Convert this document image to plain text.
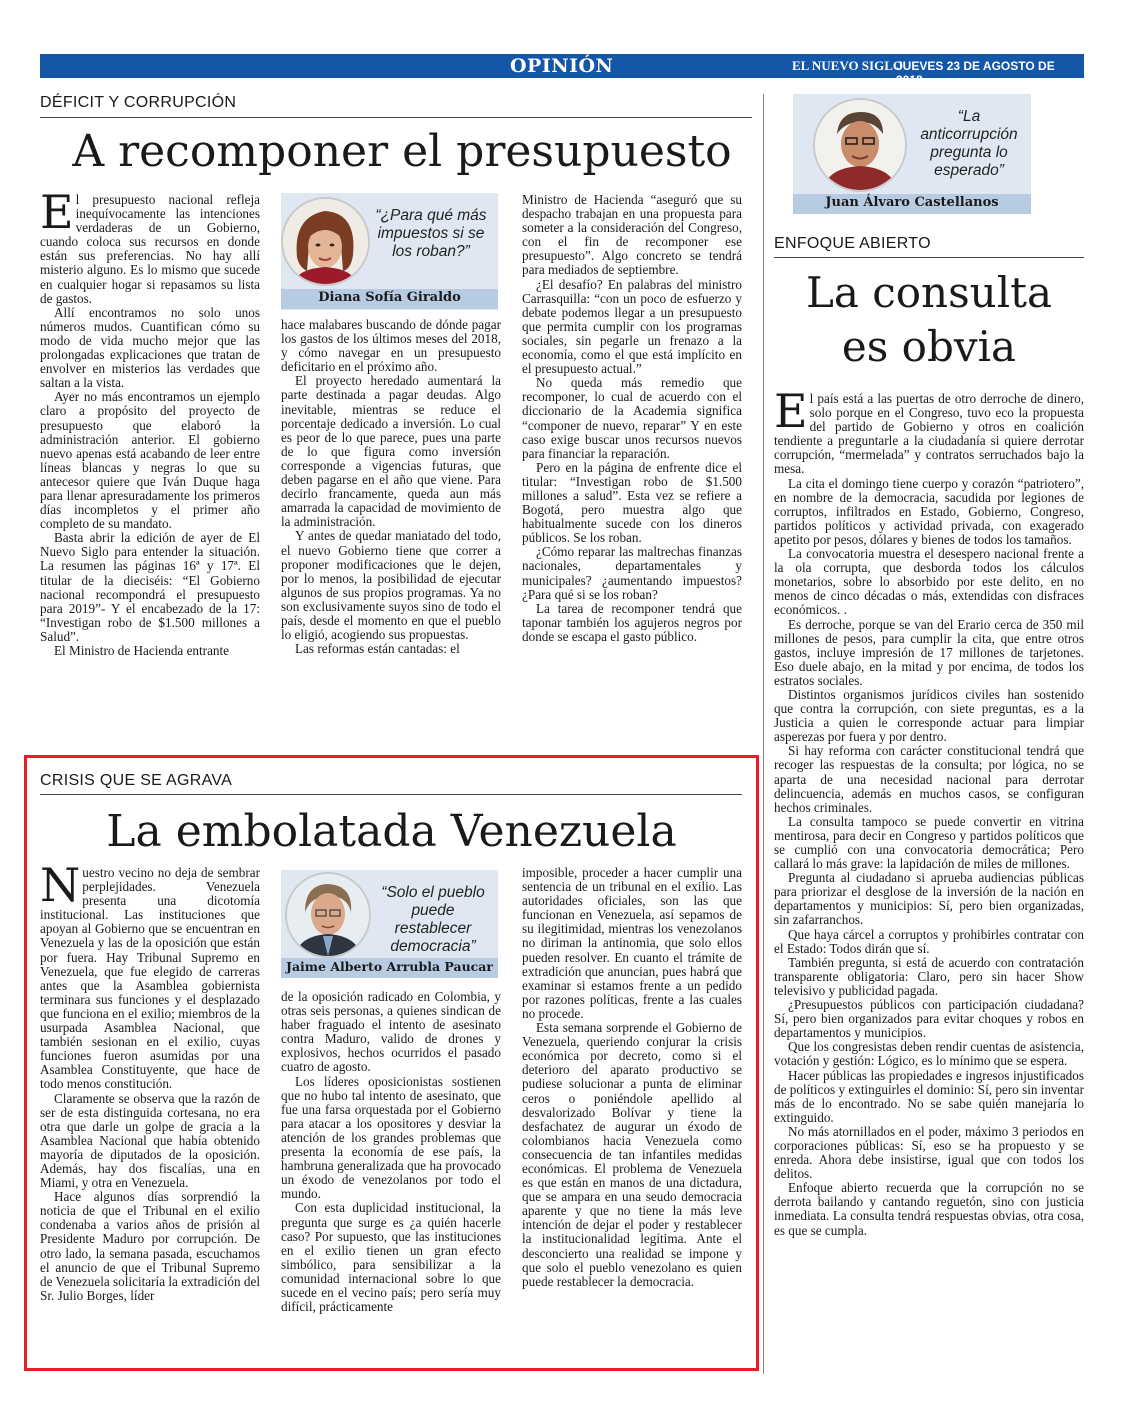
OPINIÓN	EL NUEVO SIGLO
JUEVES 23 DE AGOSTO DE 2018
9A
DÉFICIT Y CORRUPCIÓN
A recomponer el presupuesto
E l presupuesto nacional refleja inequívocamente las intenciones verdaderas de un Gobierno, cuando coloca sus recursos en donde están sus preferencias. No hay allí misterio alguno. Es lo mismo que sucede en cualquier hogar si repasamos su lista de gastos.

Allí encontramos no solo unos números mudos. Cuantifican cómo su modo de vida mucho mejor que las prolongadas explicaciones que tratan de envolver en misterios las verdades que saltan a la vista.

Ayer no más encontramos un ejemplo claro a propósito del proyecto de presupuesto que elaboró la administración anterior. El gobierno nuevo apenas está acabando de leer entre líneas blancas y negras lo que su antecesor quiere que Iván Duque haga para llenar apresuradamente los primeros días incompletos y el primer año completo de su mandato.

Basta abrir la edición de ayer de El Nuevo Siglo para entender la situación. La resumen las páginas 16ª y 17ª. El titular de la dieciséis: “El Gobierno nacional recompondrá el presupuesto para 2019”- Y el encabezado de la 17: “Investigan robo de $1.500 millones a Salud”.

El Ministro de Hacienda entrante

“¿Para qué más impuestos si se los roban?”
Diana Sofía Giraldo

hace malabares buscando de dónde pagar los gastos de los últimos meses del 2018, y cómo navegar en un presupuesto deficitario en el próximo año.

El proyecto heredado aumentará la parte destinada a pagar deudas. Algo inevitable, mientras se reduce el porcentaje dedicado a inversión. Lo cual es peor de lo que parece, pues una parte de lo que figura como inversión corresponde a vigencias futuras, que deben pagarse en el año que viene. Para decirlo francamente, queda aun más amarrada la capacidad de movimiento de la administración.

Y antes de quedar maniatado del todo, el nuevo Gobierno tiene que correr a proponer modificaciones que le dejen, por lo menos, la posibilidad de ejecutar algunos de sus propios programas. Ya no son exclusivamente suyos sino de todo el país, desde el momento en que el pueblo lo eligió, acogiendo sus propuestas.

Las reformas están cantadas: el

Ministro de Hacienda “aseguró que su despacho trabajan en una propuesta para someter a la consideración del Congreso, con el fin de recomponer ese presupuesto”. Algo concreto se tendrá para mediados de septiembre.

¿El desafío? En palabras del ministro Carrasquilla: “con un poco de esfuerzo y debate podemos llegar a un presupuesto que permita cumplir con los programas sociales, sin pegarle un frenazo a la economía, como el que está implícito en el presupuesto actual.”

No queda más remedio que recomponer, lo cual de acuerdo con el diccionario de la Academia significa “componer de nuevo, reparar” Y en este caso exige buscar unos recursos nuevos para financiar la reparación.

Pero en la página de enfrente dice el titular: “Investigan robo de $1.500 millones a salud”. Esta vez se refiere a Bogotá, pero muestra algo que habitualmente sucede con los dineros públicos. Se los roban.

¿Cómo reparar las maltrechas finanzas nacionales, departamentales y municipales? ¿aumentando impuestos? ¿Para qué si se los roban?

La tarea de recomponer tendrá que taponar también los agujeros negros por donde se escapa el gasto público.

CRISIS QUE SE AGRAVA
La embolatada Venezuela
N uestro vecino no deja de sembrar perplejidades. Venezuela presenta una dicotomía institucional. Las instituciones que apoyan al Gobierno que se encuentran en Venezuela y las de la oposición que están por fuera. Hay Tribunal Supremo en Venezuela, que fue elegido de carreras antes que la Asamblea gobiernista terminara sus funciones y el desplazado que funciona en el exilio; miembros de la usurpada Asamblea Nacional, que también sesionan en el exilio, cuyas funciones fueron asumidas por una Asamblea Constituyente, que hace de todo menos constitución.

Claramente se observa que la razón de ser de esta distinguida cortesana, no era otra que darle un golpe de gracia a la Asamblea Nacional que había obtenido mayoría de diputados de la oposición. Además, hay dos fiscalías, una en Miami, y otra en Venezuela.

Hace algunos días sorprendió la noticia de que el Tribunal en el exilio condenaba a varios años de prisión al Presidente Maduro por corrupción. De otro lado, la semana pasada, escuchamos el anuncio de que el Tribunal Supremo de Venezuela solicitaría la extradición del Sr. Julio Borges, líder

“Solo el pueblo puede restablecer democracia”
Jaime Alberto Arrubla Paucar

de la oposición radicado en Colombia, y otras seis personas, a quienes sindican de haber fraguado el intento de asesinato contra Maduro, valido de drones y explosivos, hechos ocurridos el pasado cuatro de agosto.

Los líderes oposicionistas sostienen que no hubo tal intento de asesinato, que fue una farsa orquestada por el Gobierno para atacar a los opositores y desviar la atención de los grandes problemas que presenta la economía de ese país, la hambruna generalizada que ha provocado un éxodo de venezolanos por todo el mundo.

Con esta duplicidad institucional, la pregunta que surge es ¿a quién hacerle caso? Por supuesto, que las instituciones en el exilio tienen un gran efecto simbólico, para sensibilizar a la comunidad internacional sobre lo que sucede en el vecino país; pero sería muy difícil, prácticamente

imposible, proceder a hacer cumplir una sentencia de un tribunal en el exilio. Las autoridades oficiales, son las que funcionan en Venezuela, así sepamos de su ilegitimidad, mientras los venezolanos no diriman la antinomia, que solo ellos pueden resolver. En cuanto el trámite de extradición que anuncian, pues habrá que examinar si estamos frente a un pedido por razones políticas, frente a las cuales no procede.

Esta semana sorprende el Gobierno de Venezuela, queriendo conjurar la crisis económica por decreto, como si el deterioro del aparato productivo se pudiese solucionar a punta de eliminar ceros o poniéndole apellido al desvalorizado Bolívar y tiene la desfachatez de augurar un éxodo de colombianos hacia Venezuela como consecuencia de tan infantiles medidas económicas. El problema de Venezuela es que están en manos de una dictadura, que se ampara en una seudo democracia aparente y que no tiene la más leve intención de dejar el poder y restablecer la institucionalidad legítima. Ante el desconcierto una realidad se impone y que solo el pueblo venezolano es quien puede restablecer la democracia.

“La anticorrupción pregunta lo esperado”
Juan Álvaro Castellanos
ENFOQUE ABIERTO
La consulta
es obvia
E l país está a las puertas de otro derroche de dinero, solo porque en el Congreso, tuvo eco la propuesta del partido de Gobierno y otros en coalición tendiente a preguntarle a la ciudadanía si quiere derrotar corrupción, “mermelada” y contratos serruchados bajo la mesa.

La cita el domingo tiene cuerpo y corazón “patriotero”, en nombre de la democracia, sacudida por legiones de corruptos, infiltrados en Estado, Gobierno, Congreso, partidos políticos y actividad privada, con exagerado apetito por pesos, dólares y bienes de todos los tamaños.

La convocatoria muestra el desespero nacional frente a la ola corrupta, que desborda todos los cálculos monetarios, sobre lo absorbido por este delito, en no menos de cinco décadas o más, extendidas con disfraces económicos. .

Es derroche, porque se van del Erario cerca de 350 mil millones de pesos, para cumplir la cita, que entre otros gastos, incluye impresión de 17 millones de tarjetones. Eso duele abajo, en la mitad y por encima, de todos los estratos sociales.

Distintos organismos jurídicos civiles han sostenido que contra la corrupción, con siete preguntas, es a la Justicia a quien le corresponde actuar para limpiar asperezas por fuera y por dentro.

Si hay reforma con carácter constitucional tendrá que recoger las respuestas de la consulta; por lógica, no se aparta de una necesidad nacional para derrotar delincuencia, además en muchos casos, se configuran hechos criminales.

La consulta tampoco se puede convertir en vitrina mentirosa, para decir en Congreso y partidos políticos que se cumplió con una convocatoria democrática; Pero callará lo más grave: la lapidación de miles de millones.

Pregunta al ciudadano si aprueba audiencias públicas para priorizar el desglose de la inversión de la nación en departamentos y municipios: Sí, pero bien organizadas, sin zafarranchos.

Que haya cárcel a corruptos y prohibirles contratar con el Estado: Todos dirán que sí.

También pregunta, si está de acuerdo con contratación transparente obligatoria: Claro, pero sin hacer Show televisivo y publicidad pagada.

¿Presupuestos públicos con participación ciudadana? Sí, pero bien organizados para evitar choques y robos en departamentos y municipios.

Que los congresistas deben rendir cuentas de asistencia, votación y gestión: Lógico, es lo mínimo que se espera.

Hacer públicas las propiedades e ingresos injustificados de políticos y extinguirles el dominio: Sí, pero sin inventar más de lo encontrado. No se sabe quién manejaría lo extinguido.

No más atornillados en el poder, máximo 3 periodos en corporaciones públicas: Sí, eso se ha propuesto y se enreda. Ahora debe insistirse, igual que con todos los delitos.

Enfoque abierto recuerda que la corrupción no se derrota bailando y cantando reguetón, sino con justicia inmediata. La consulta tendrá respuestas obvias, otra cosa, es que se cumpla.
